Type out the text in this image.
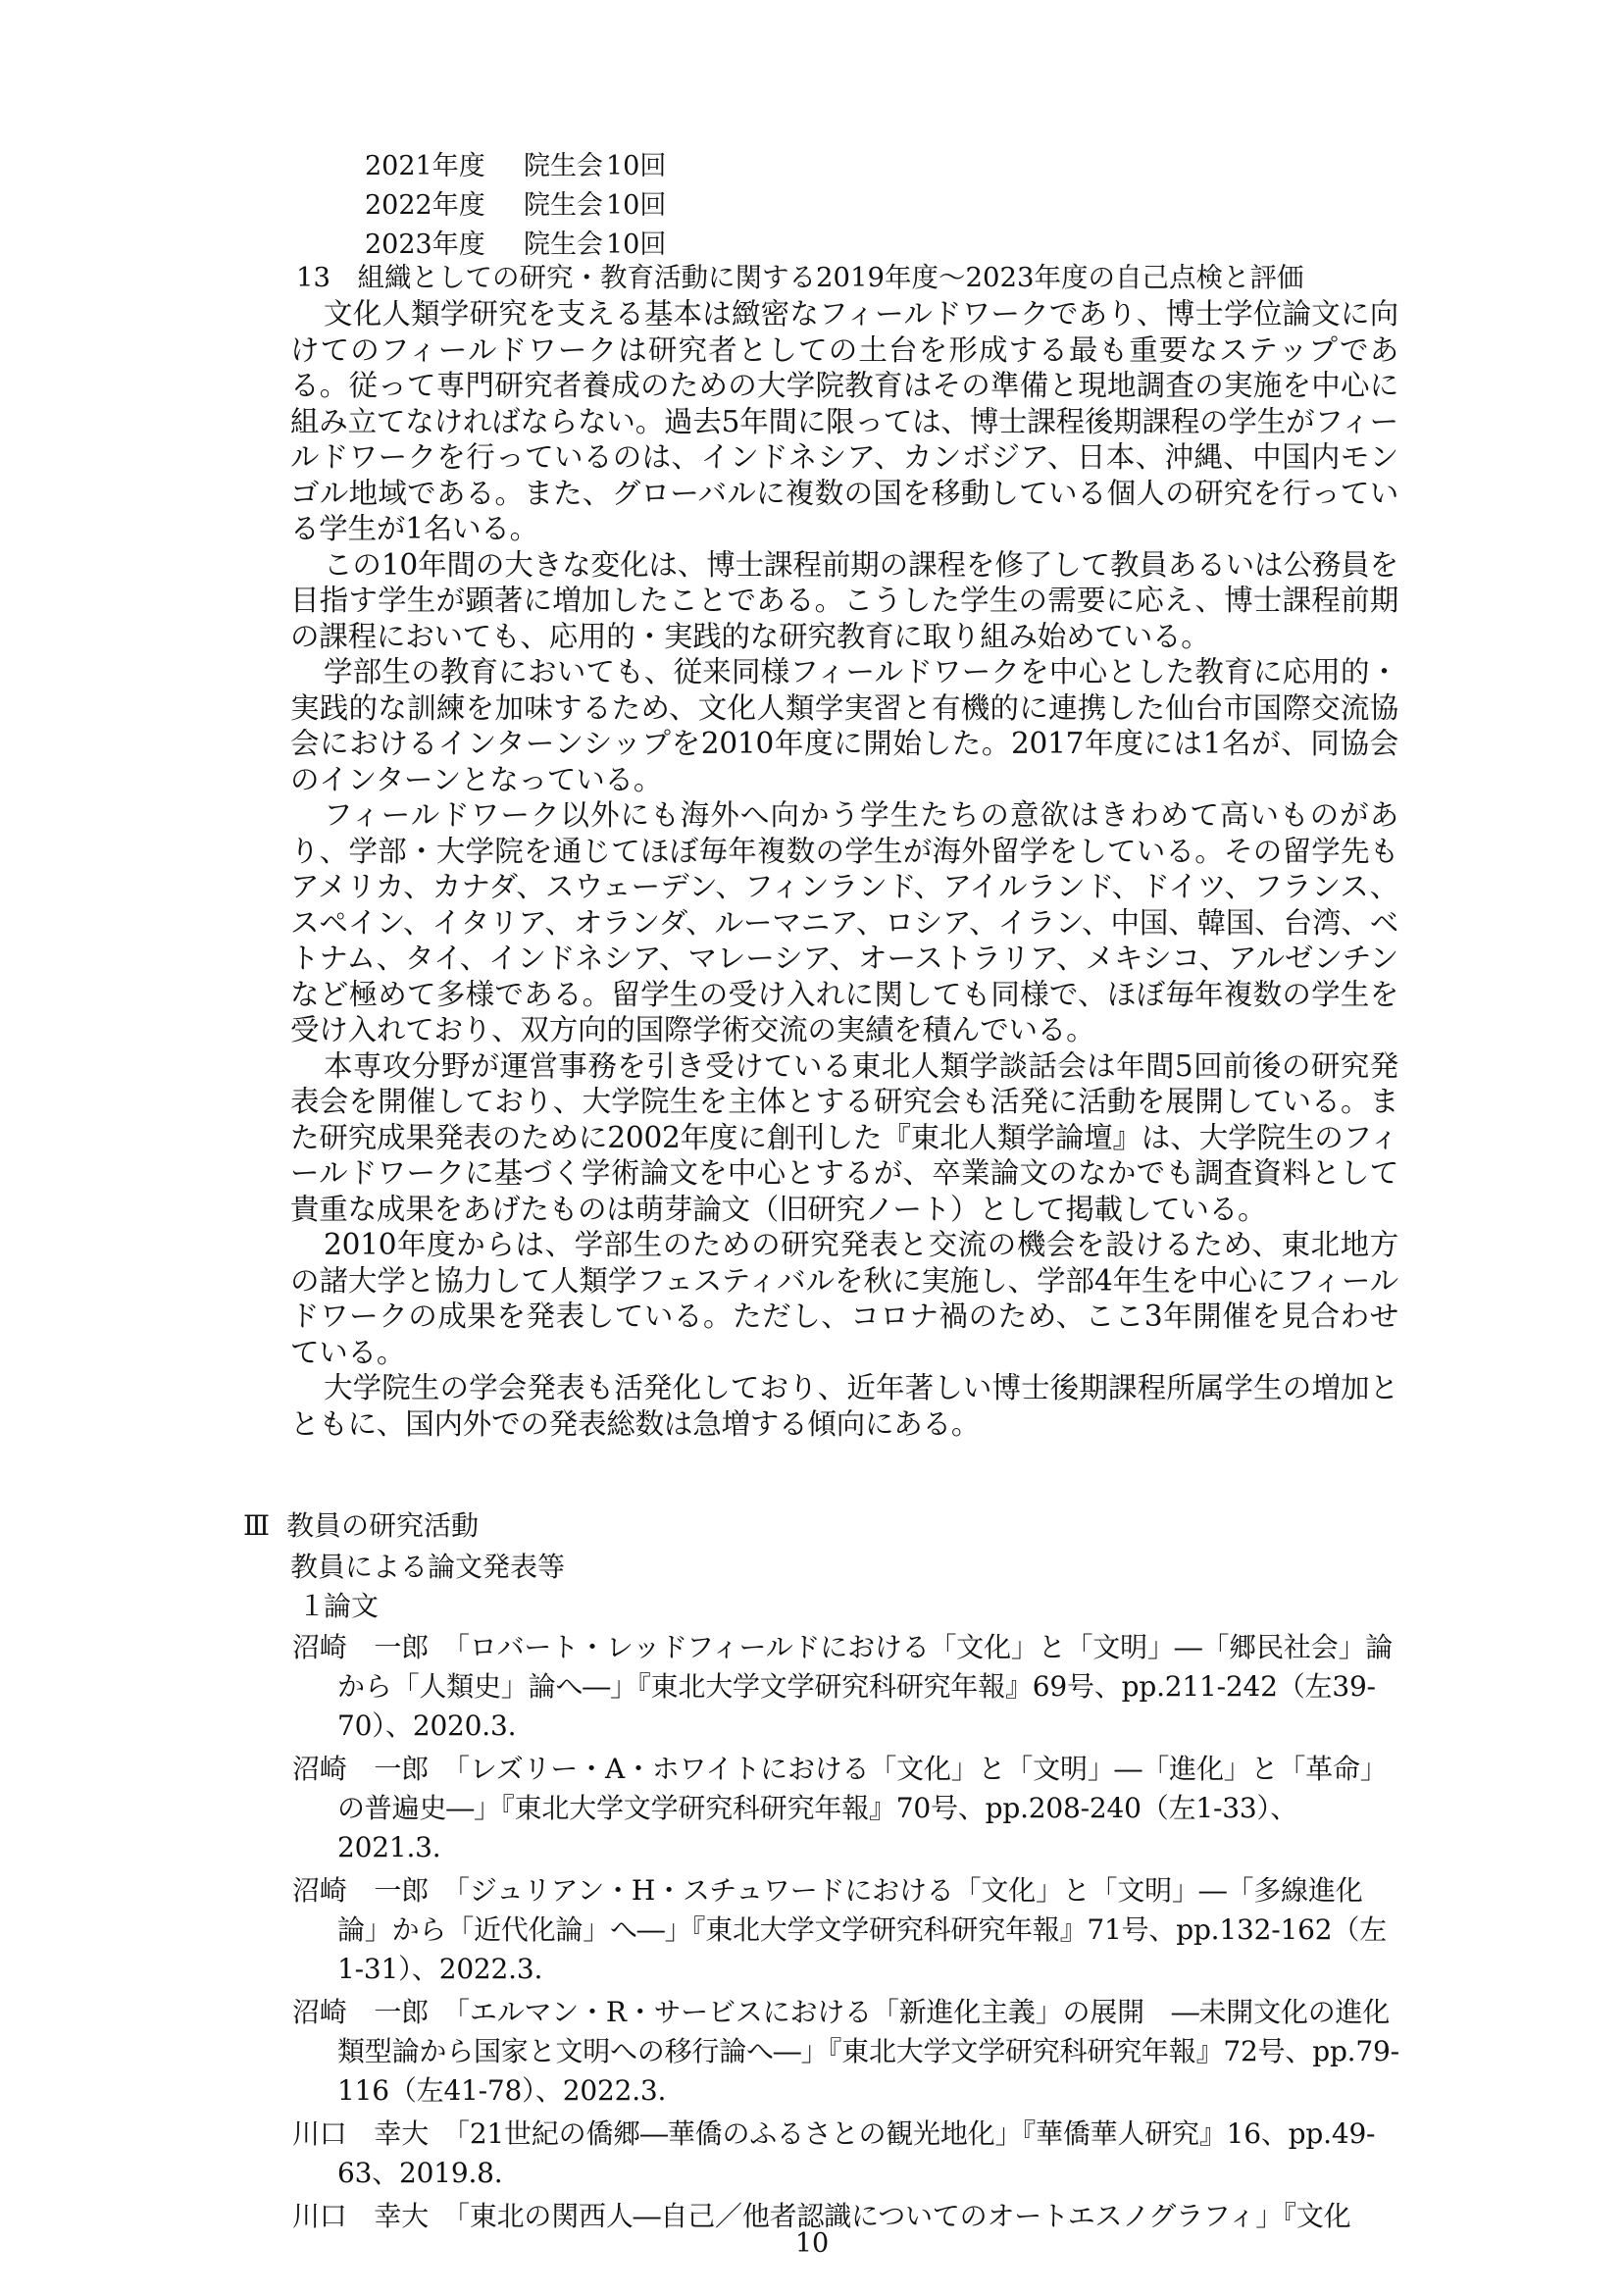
2021年度 院生会 10回
2022年度 院生会 10回
2023年度 院生会 10回
13　組織としての研究・教育活動に関する2019年度～2023年度の自己点検と評価

文化人類学研究を支える基本は緻密なフィールドワークであり、博士学位論文に向けてのフィールドワークは研究者としての土台を形成する最も重要なステップである。従って専門研究者養成のための大学院教育はその準備と現地調査の実施を中心に組み立てなければならない。過去5年間に限っては、博士課程後期課程の学生がフィールドワークを行っているのは、インドネシア、カンボジア、日本、沖縄、中国内モンゴル地域である。また、グローバルに複数の国を移動している個人の研究を行っている学生が1名いる。

この10年間の大きな変化は、博士課程前期の課程を修了して教員あるいは公務員を目指す学生が顕著に増加したことである。こうした学生の需要に応え、博士課程前期の課程においても、応用的・実践的な研究教育に取り組み始めている。

学部生の教育においても、従来同様フィールドワークを中心とした教育に応用的・実践的な訓練を加味するため、文化人類学実習と有機的に連携した仙台市国際交流協会におけるインターンシップを2010年度に開始した。2017年度には1名が、同協会のインターンとなっている。

フィールドワーク以外にも海外へ向かう学生たちの意欲はきわめて高いものがあり、学部・大学院を通じてほぼ毎年複数の学生が海外留学をしている。その留学先もアメリカ、カナダ、スウェーデン、フィンランド、アイルランド、ドイツ、フランス、スペイン、イタリア、オランダ、ルーマニア、ロシア、イラン、中国、韓国、台湾、ベトナム、タイ、インドネシア、マレーシア、オーストラリア、メキシコ、アルゼンチンなど極めて多様である。留学生の受け入れに関しても同様で、ほぼ毎年複数の学生を受け入れており、双方向的国際学術交流の実績を積んでいる。

本専攻分野が運営事務を引き受けている東北人類学談話会は年間5回前後の研究発表会を開催しており、大学院生を主体とする研究会も活発に活動を展開している。また研究成果発表のために2002年度に創刊した『東北人類学論壇』は、大学院生のフィールドワークに基づく学術論文を中心とするが、卒業論文のなかでも調査資料として貴重な成果をあげたものは萌芽論文（旧研究ノート）として掲載している。

2010年度からは、学部生のための研究発表と交流の機会を設けるため、東北地方の諸大学と協力して人類学フェスティバルを秋に実施し、学部4年生を中心にフィールドワークの成果を発表している。ただし、コロナ禍のため、ここ3年開催を見合わせている。

大学院生の学会発表も活発化しており、近年著しい博士後期課程所属学生の増加とともに、国内外での発表総数は急増する傾向にある。

Ⅲ 教員の研究活動
教員による論文発表等
１論文
沼崎　一郎 「ロバート・レッドフィールドにおける「文化」と「文明」―「郷民社会」論から「人類史」論へ―」『東北大学文学研究科研究年報』69号、pp.211-242（左39-70）、2020.3.
沼崎　一郎 「レズリー・A・ホワイトにおける「文化」と「文明」―「進化」と「革命」の普遍史―」『東北大学文学研究科研究年報』70号、pp.208-240（左1-33）、2021.3.
沼崎　一郎 「ジュリアン・H・スチュワードにおける「文化」と「文明」―「多線進化論」から「近代化論」へ―」『東北大学文学研究科研究年報』71号、pp.132-162（左1-31）、2022.3.
沼崎　一郎 「エルマン・R・サービスにおける「新進化主義」の展開　―未開文化の進化類型論から国家と文明への移行論へ―」『東北大学文学研究科研究年報』72号、pp.79-116（左41-78）、2022.3.
川口　幸大 「21世紀の僑郷―華僑のふるさとの観光地化」『華僑華人研究』16、pp.49-63、2019.8.
川口　幸大 「東北の関西人―自己／他者認識についてのオートエスノグラフィ」『文化
10
